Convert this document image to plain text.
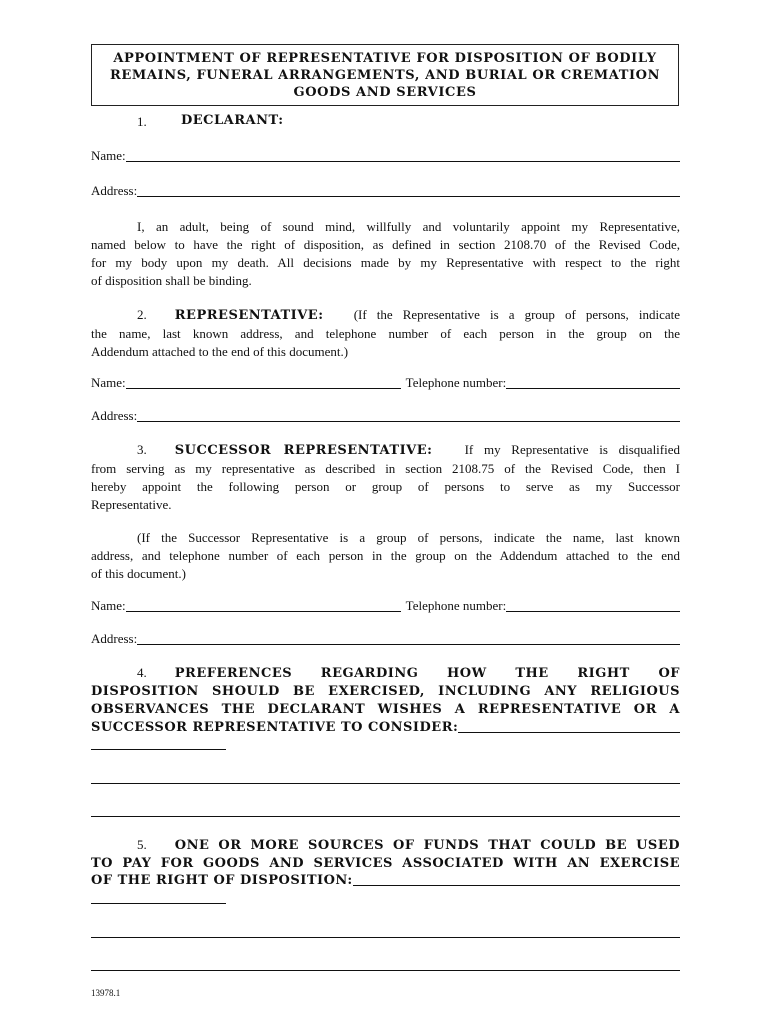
APPOINTMENT OF REPRESENTATIVE FOR DISPOSITION OF BODILY
REMAINS, FUNERAL ARRANGEMENTS, AND BURIAL OR CREMATION
GOODS AND SERVICES
1.	DECLARANT:
Name:
Address:
I, an adult, being of sound mind, willfully and voluntarily appoint my Representative,
named below to have the right of disposition, as defined in section 2108.70 of the Revised Code,
for my body upon my death. All decisions made by my Representative with respect to the right
of disposition shall be binding.
2. REPRESENTATIVE: (If the Representative is a group of persons, indicate
the name, last known address, and telephone number of each person in the group on the
Addendum attached to the end of this document.)
Name:	Telephone number:
Address:
3. SUCCESSOR REPRESENTATIVE: If my Representative is disqualified
from serving as my representative as described in section 2108.75 of the Revised Code, then I
hereby appoint the following person or group of persons to serve as my Successor
Representative.
(If the Successor Representative is a group of persons, indicate the name, last known
address, and telephone number of each person in the group on the Addendum attached to the end
of this document.)
Name:	Telephone number:
Address:
4. PREFERENCES REGARDING HOW THE RIGHT OF
DISPOSITION SHOULD BE EXERCISED, INCLUDING ANY RELIGIOUS
OBSERVANCES THE DECLARANT WISHES A REPRESENTATIVE OR A
SUCCESSOR REPRESENTATIVE TO CONSIDER:
5. ONE OR MORE SOURCES OF FUNDS THAT COULD BE USED
TO PAY FOR GOODS AND SERVICES ASSOCIATED WITH AN EXERCISE
OF THE RIGHT OF DISPOSITION:
13978.1
